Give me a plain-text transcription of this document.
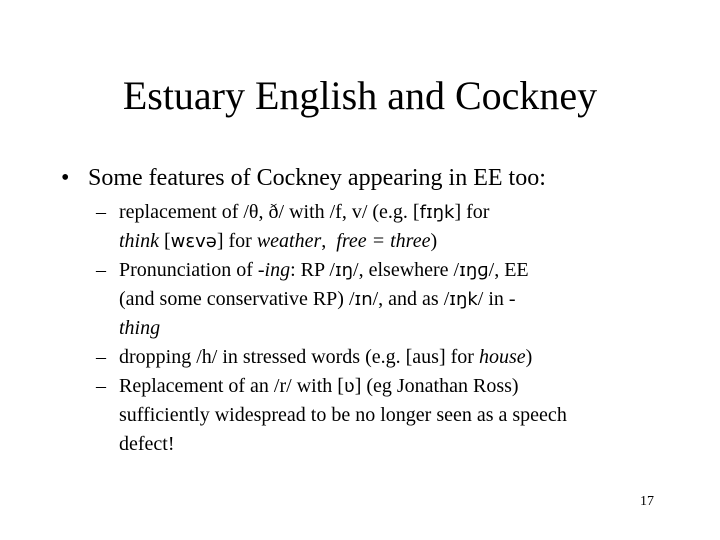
Estuary English and Cockney
• Some features of Cockney appearing in EE too:
– replacement of /θ, ð/ with /f, v/ (e.g. [fɪŋk] for
think [wɛvə] for weather,  free = three)
– Pronunciation of -ing: RP /ɪŋ/, elsewhere /ɪŋɡ/, EE
(and some conservative RP) /ɪn/, and as /ɪŋk/ in -
thing
– dropping /h/ in stressed words (e.g. [aus] for house)
– Replacement of an /r/ with [ʋ] (eg Jonathan Ross)
sufficiently widespread to be no longer seen as a speech
defect!
17
